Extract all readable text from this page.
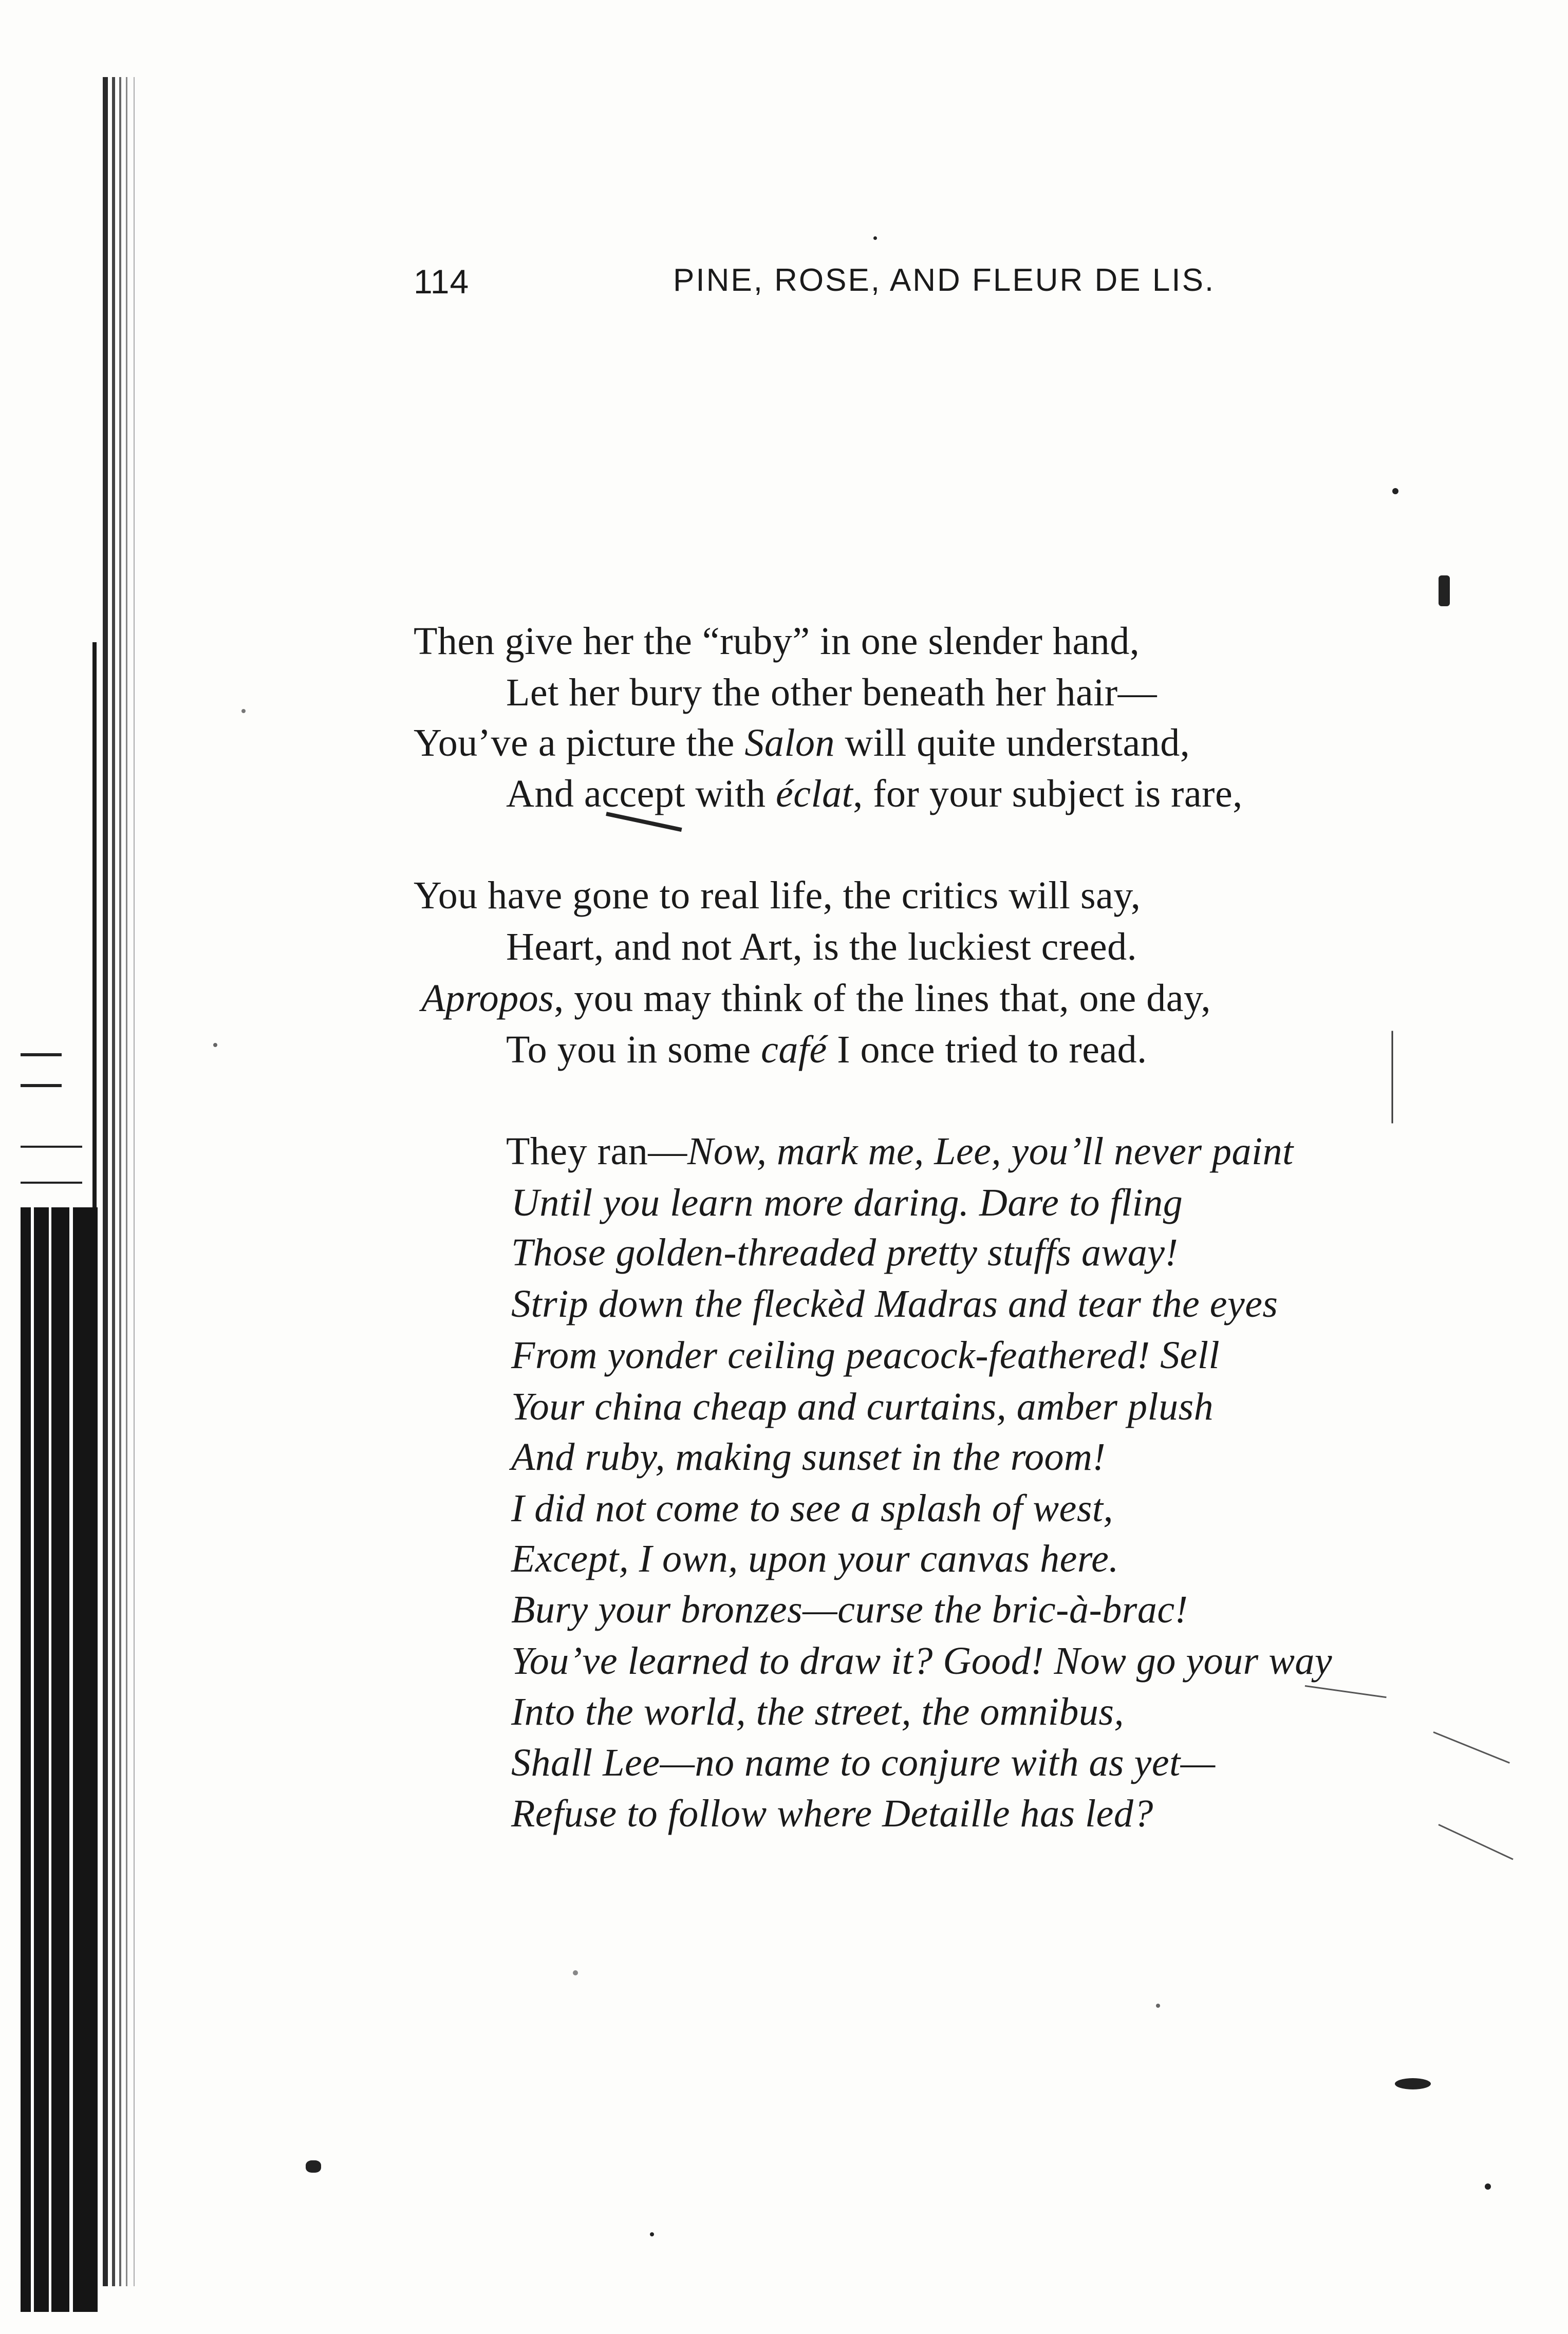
114	PINE, ROSE, AND FLEUR DE LIS.
Then give her the “ruby” in one slender hand,
Let her bury the other beneath her hair—
You’ve a picture the Salon will quite understand,
And accept with éclat, for your subject is rare,
You have gone to real life, the critics will say,
Heart, and not Art, is the luckiest creed.
Apropos, you may think of the lines that, one day,
To you in some café I once tried to read.
They ran—Now, mark me, Lee, you’ll never paint
Until you learn more daring. Dare to fling
Those golden-threaded pretty stuffs away!
Strip down the fleckèd Madras and tear the eyes
From yonder ceiling peacock-feathered! Sell
Your china cheap and curtains, amber plush
And ruby, making sunset in the room!
I did not come to see a splash of west,
Except, I own, upon your canvas here.
Bury your bronzes—curse the bric-à-brac!
You’ve learned to draw it? Good! Now go your way
Into the world, the street, the omnibus,
Shall Lee—no name to conjure with as yet—
Refuse to follow where Detaille has led?
